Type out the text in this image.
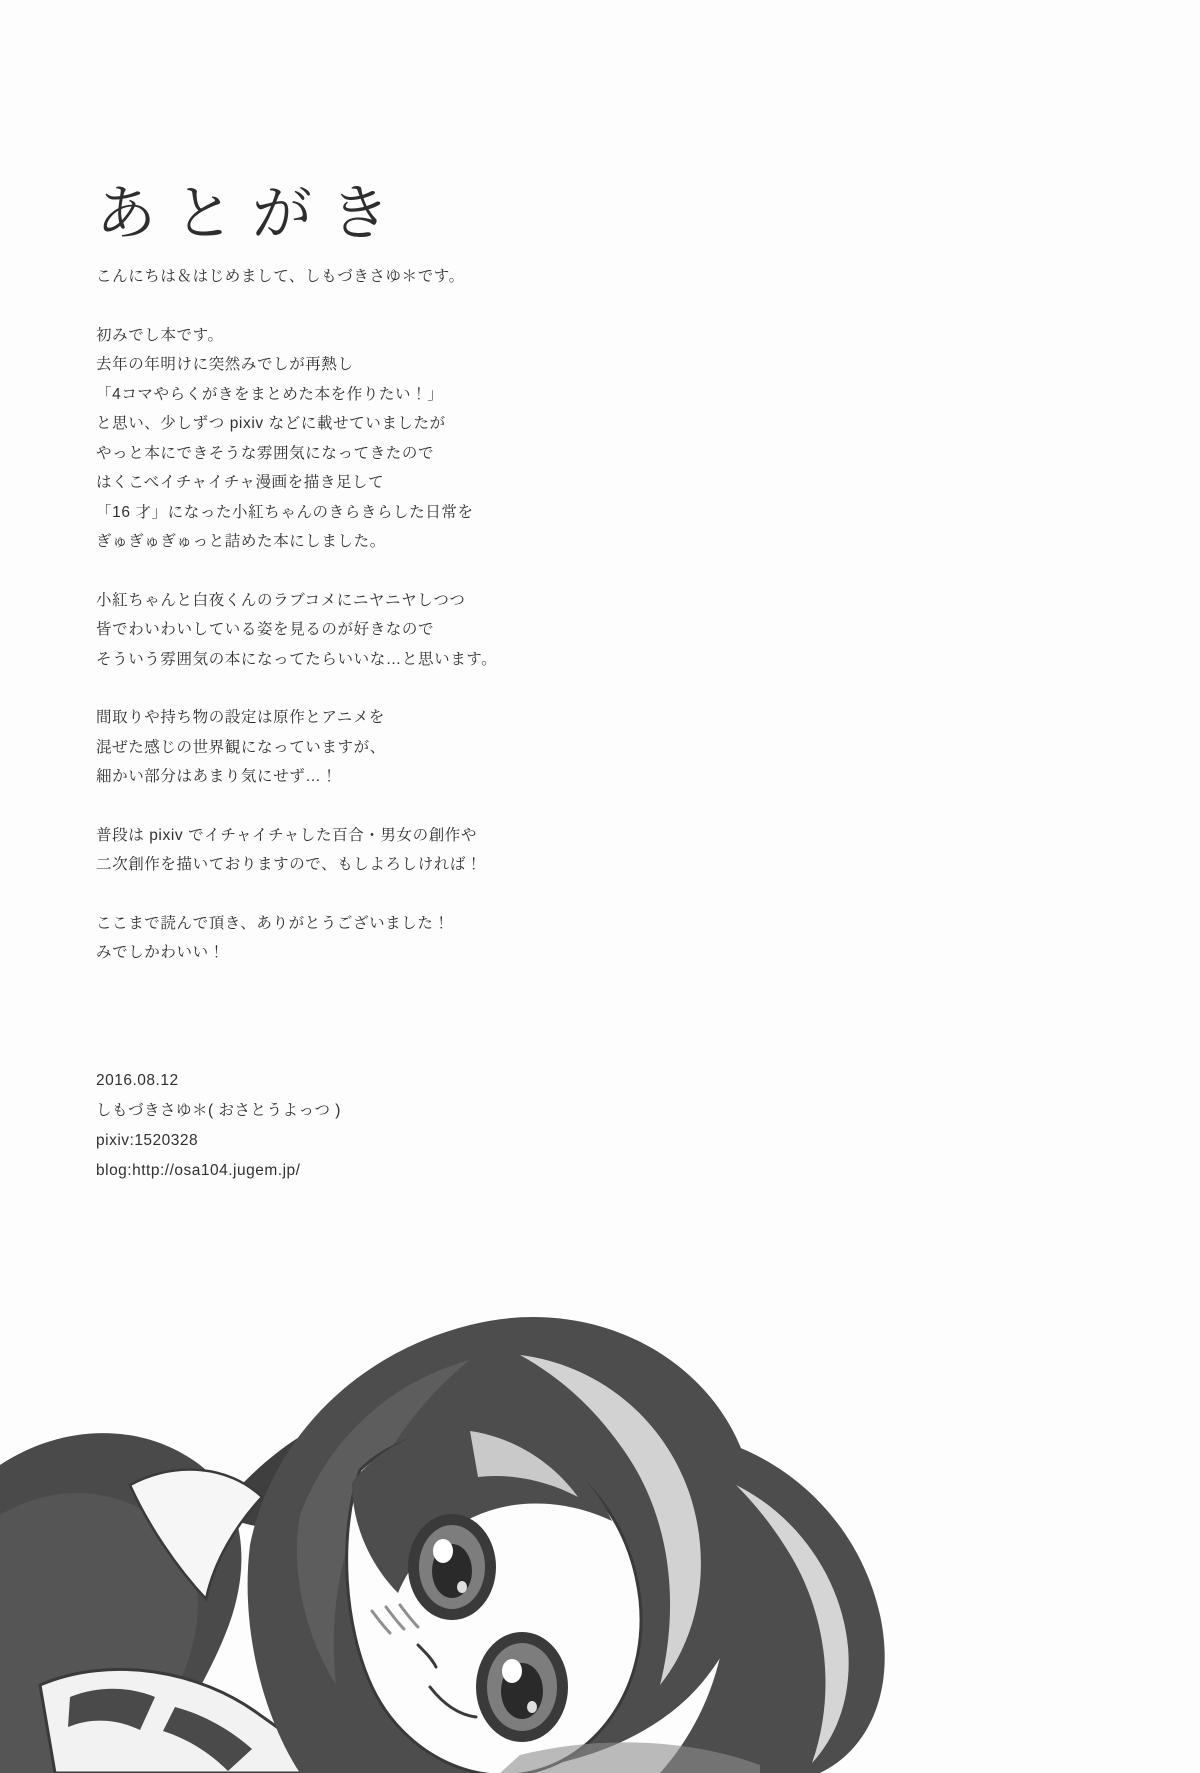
あとがき

こんにちは＆はじめまして、しもづきさゆ＊です。

初みでし本です。
去年の年明けに突然みでしが再熱し
「4コマやらくがきをまとめた本を作りたい！」
と思い、少しずつ pixiv などに載せていましたが
やっと本にできそうな雰囲気になってきたので
はくこべイチャイチャ漫画を描き足して
「16 才」になった小紅ちゃんのきらきらした日常を
ぎゅぎゅぎゅっと詰めた本にしました。

小紅ちゃんと白夜くんのラブコメにニヤニヤしつつ
皆でわいわいしている姿を見るのが好きなので
そういう雰囲気の本になってたらいいな…と思います。

間取りや持ち物の設定は原作とアニメを
混ぜた感じの世界観になっていますが、
細かい部分はあまり気にせず…！

普段は pixiv でイチャイチャした百合・男女の創作や
二次創作を描いておりますので、もしよろしければ！

ここまで読んで頂き、ありがとうございました！
みでしかわいい！

2016.08.12
しもづきさゆ＊( おさとうよっつ )
pixiv:1520328
blog:http://osa104.jugem.jp/
